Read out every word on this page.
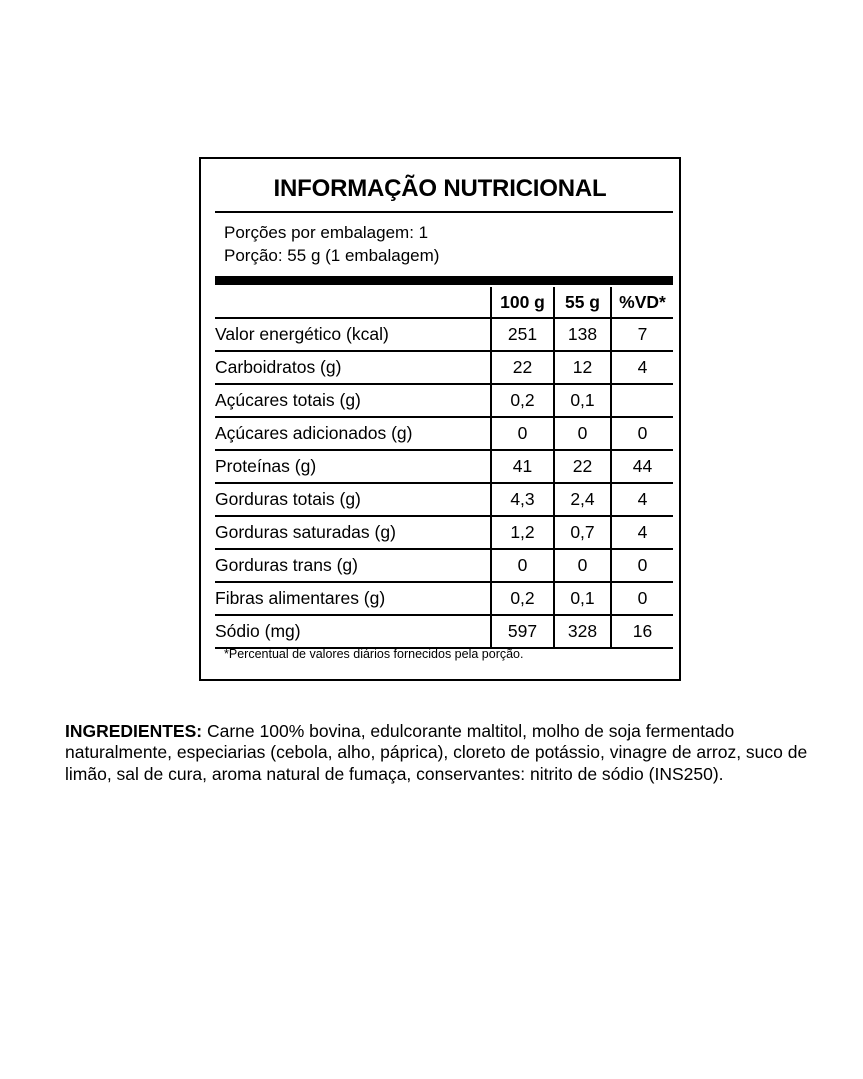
INFORMAÇÃO NUTRICIONAL
Porções por embalagem: 1
Porção: 55 g (1 embalagem)
	100 g	55 g	%VD*
Valor energético (kcal)	251	138	7
Carboidratos (g)	22	12	4
Açúcares totais (g)	0,2	0,1	
Açúcares adicionados (g)	0	0	0
Proteínas (g)	41	22	44
Gorduras totais (g)	4,3	2,4	4
Gorduras saturadas (g)	1,2	0,7	4
Gorduras trans (g)	0	0	0
Fibras alimentares (g)	0,2	0,1	0
Sódio (mg)	597	328	16
*Percentual de valores diários fornecidos pela porção.
INGREDIENTES: Carne 100% bovina, edulcorante maltitol, molho de soja fermentado naturalmente, especiarias (cebola, alho, páprica), cloreto de potássio, vinagre de arroz, suco de limão, sal de cura, aroma natural de fumaça, conservantes: nitrito de sódio (INS250).
